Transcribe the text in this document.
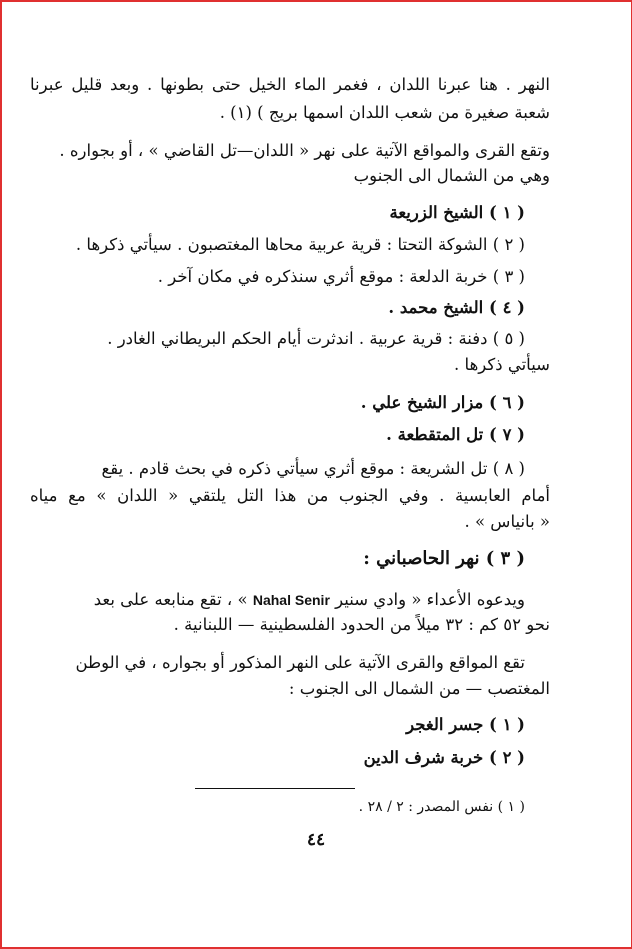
النهر . هنا عبرنا اللدان ، فغمر الماء الخيل حتى بطونها . وبعد قليل عبرنا
شعبة صغيرة من شعب اللدان اسمها بريج ) (١) .
وتقع القرى والمواقع الآتية على نهر « اللدان—تل القاضي » ، أو بجواره .
وهي من الشمال الى الجنوب
( ١ ) الشيخ الزريعة
( ٢ ) الشوكة التحتا : قرية عربية محاها المغتصبون . سيأتي ذكرها .
( ٣ ) خربة الدلعة : موقع أثري سنذكره في مكان آخر .
( ٤ ) الشيخ محمد .
( ٥ ) دفنة : قرية عربية . اندثرت أيام الحكم البريطاني الغادر .
سيأتي ذكرها .
( ٦ ) مزار الشيخ علي .
( ٧ ) تل المتقطعة .
( ٨ ) تل الشريعة : موقع أثري سيأتي ذكره في بحث قادم . يقع
أمام العابسية . وفي الجنوب من هذا التل يلتقي « اللدان » مع مياه
« بانياس » .
( ٣ ) نهر الحاصباني :
ويدعوه الأعداء « وادي سنير Nahal Senir » ، تقع منابعه على بعد
نحو ٥٢ كم : ٣٢ ميلاً من الحدود الفلسطينية — اللبنانية .
تقع المواقع والقرى الآتية على النهر المذكور أو بجواره ، في الوطن
المغتصب — من الشمال الى الجنوب :
( ١ ) جسر الغجر
( ٢ ) خربة شرف الدين
( ١ ) نفس المصدر : ٢ / ٢٨ .
٤٤
